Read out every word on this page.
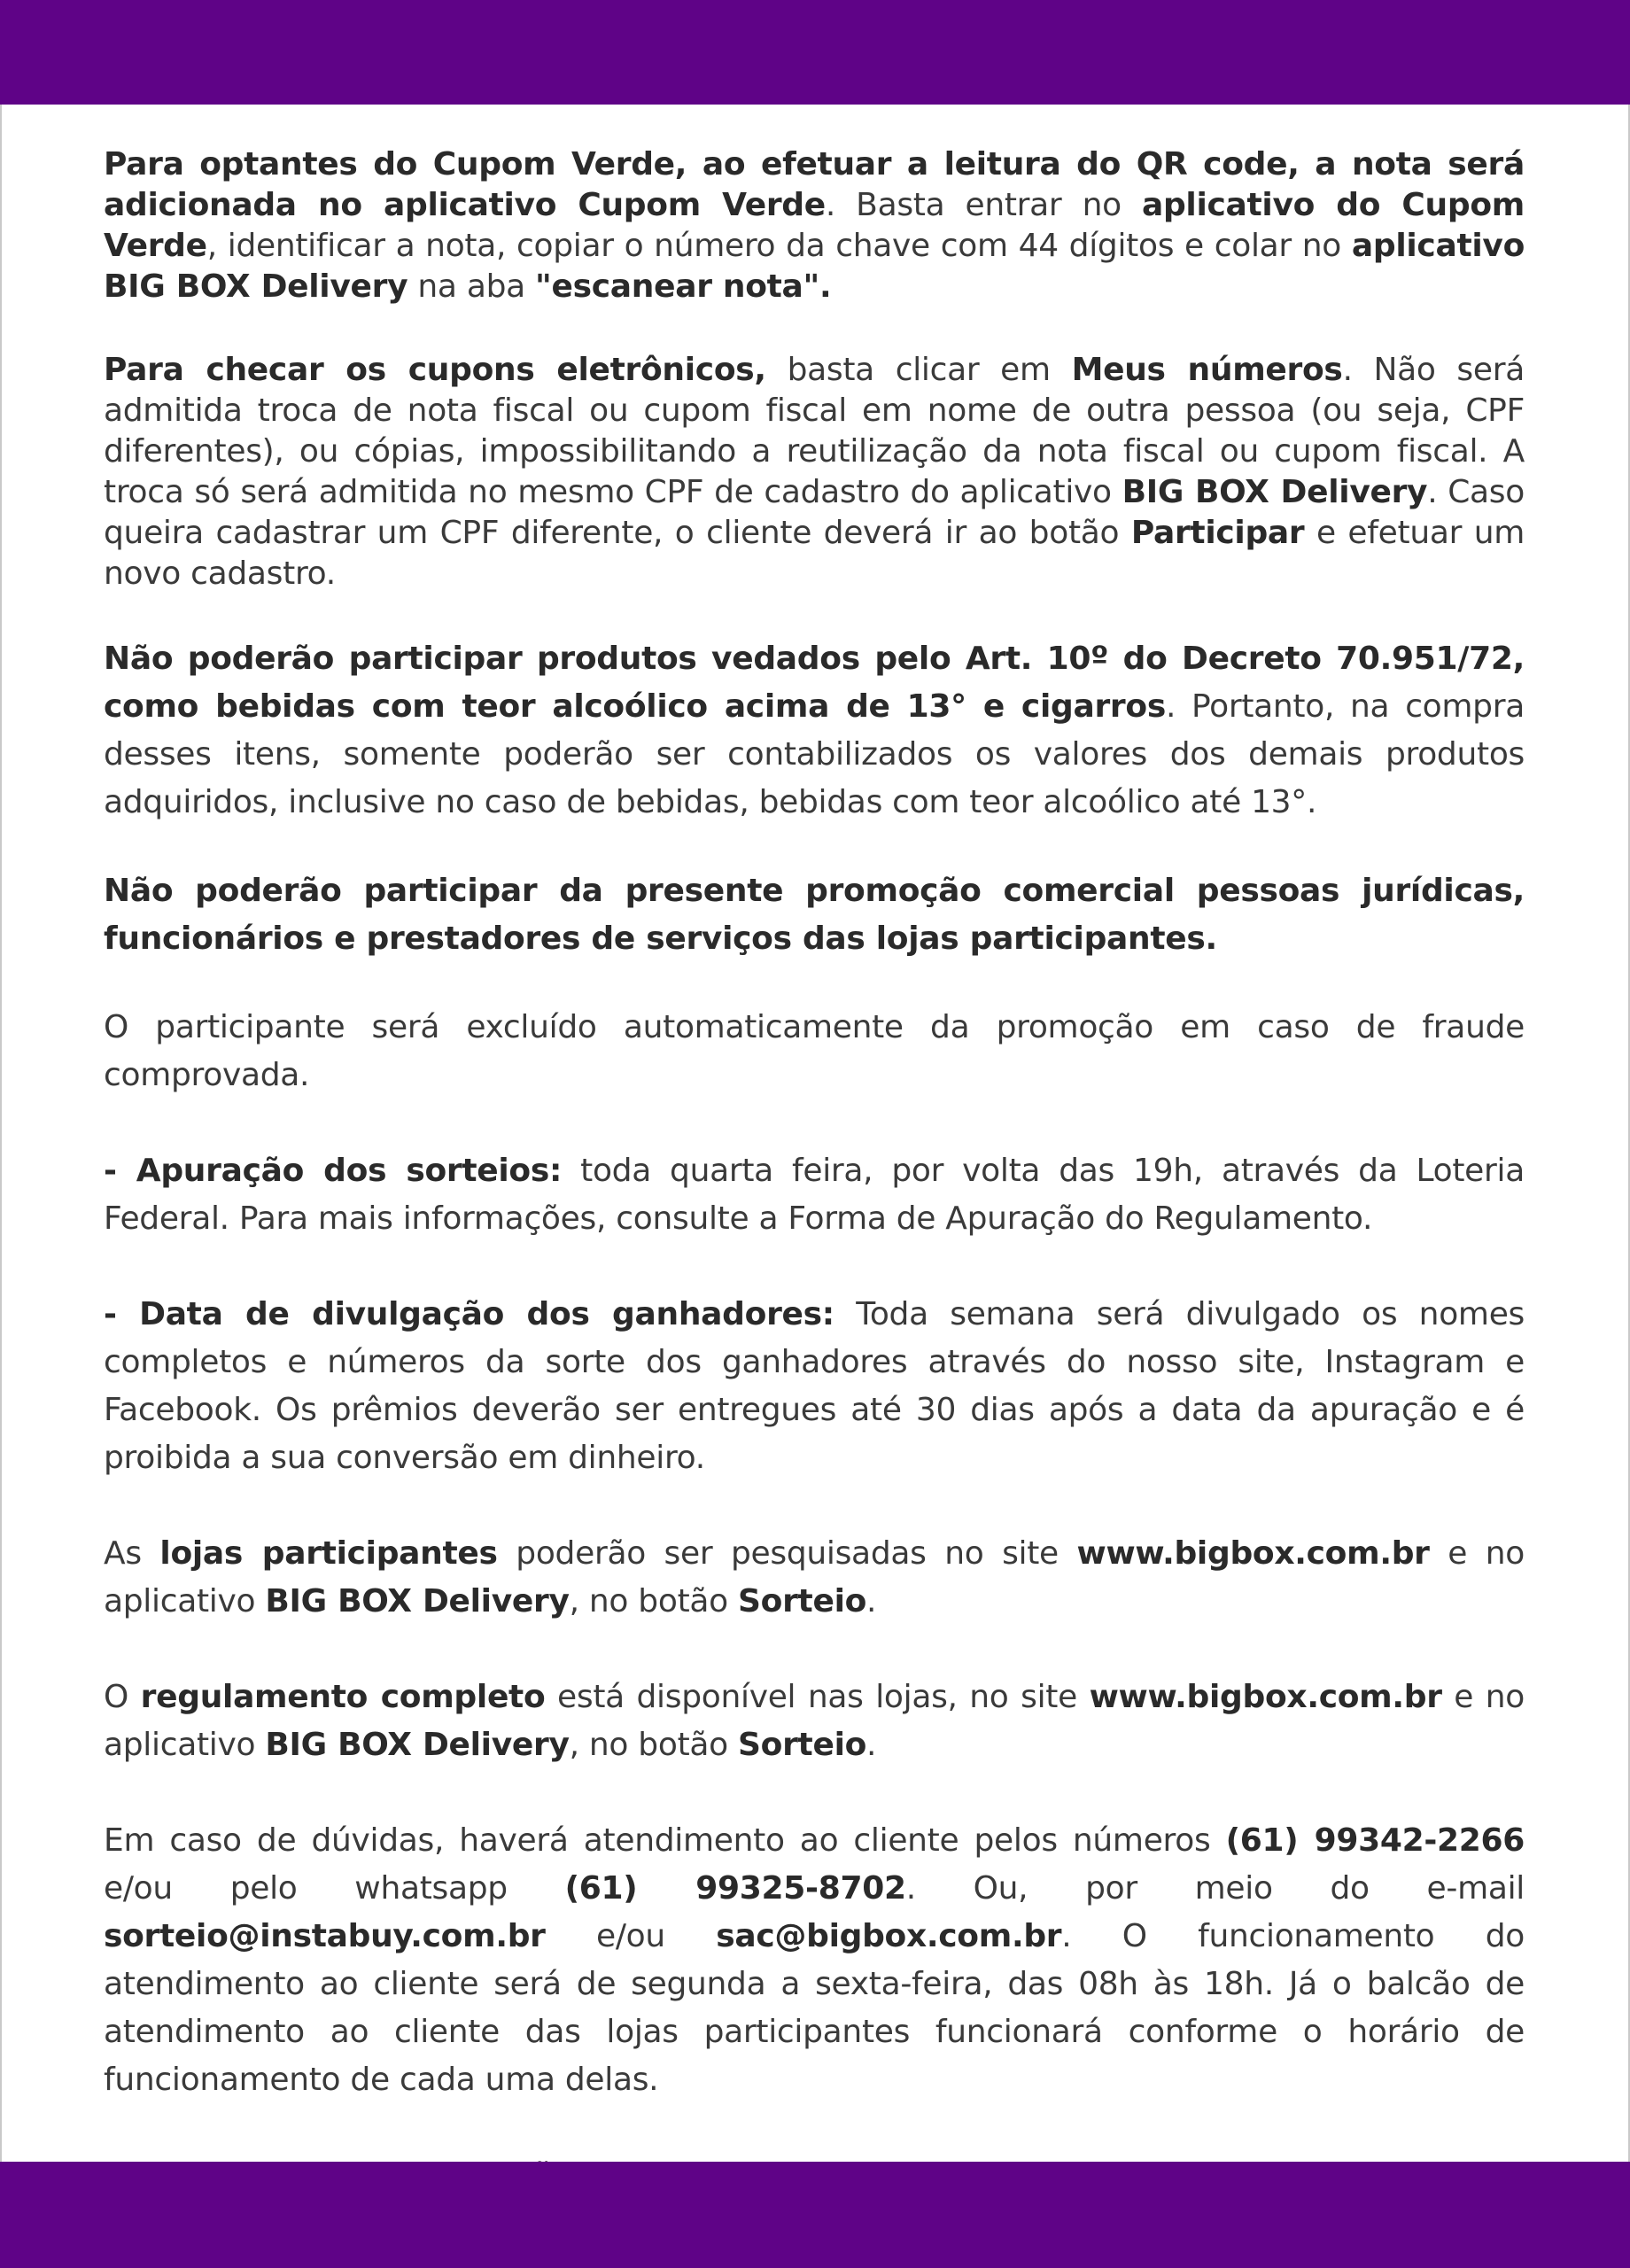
Para optantes do Cupom Verde, ao efetuar a leitura do QR code, a nota será adicionada no aplicativo Cupom Verde. Basta entrar no aplicativo do Cupom Verde, identificar a nota, copiar o número da chave com 44 dígitos e colar no aplicativo BIG BOX Delivery na aba "escanear nota".

Para checar os cupons eletrônicos, basta clicar em Meus números. Não será admitida troca de nota fiscal ou cupom fiscal em nome de outra pessoa (ou seja, CPF diferentes), ou cópias, impossibilitando a reutilização da nota fiscal ou cupom fiscal. A troca só será admitida no mesmo CPF de cadastro do aplicativo BIG BOX Delivery. Caso queira cadastrar um CPF diferente, o cliente deverá ir ao botão Participar e efetuar um novo cadastro.

Não poderão participar produtos vedados pelo Art. 10º do Decreto 70.951/72, como bebidas com teor alcoólico acima de 13° e cigarros. Portanto, na compra desses itens, somente poderão ser contabilizados os valores dos demais produtos adquiridos, inclusive no caso de bebidas, bebidas com teor alcoólico até 13°.

Não poderão participar da presente promoção comercial pessoas jurídicas, funcionários e prestadores de serviços das lojas participantes.

O participante será excluído automaticamente da promoção em caso de fraude comprovada.

- Apuração dos sorteios: toda quarta feira, por volta das 19h, através da Loteria Federal. Para mais informações, consulte a Forma de Apuração do Regulamento.

- Data de divulgação dos ganhadores: Toda semana será divulgado os nomes completos e números da sorte dos ganhadores através do nosso site, Instagram e Facebook. Os prêmios deverão ser entregues até 30 dias após a data da apuração e é proibida a sua conversão em dinheiro.

As lojas participantes poderão ser pesquisadas no site www.bigbox.com.br e no aplicativo BIG BOX Delivery, no botão Sorteio.

O regulamento completo está disponível nas lojas, no site www.bigbox.com.br e no aplicativo BIG BOX Delivery, no botão Sorteio.

Em caso de dúvidas, haverá atendimento ao cliente pelos números (61) 99342-2266 e/ou pelo whatsapp (61) 99325-8702. Ou, por meio do e-mail sorteio@instabuy.com.br e/ou sac@bigbox.com.br. O funcionamento do atendimento ao cliente será de segunda a sexta-feira, das 08h às 18h. Já o balcão de atendimento ao cliente das lojas participantes funcionará conforme o horário de funcionamento de cada uma delas.
